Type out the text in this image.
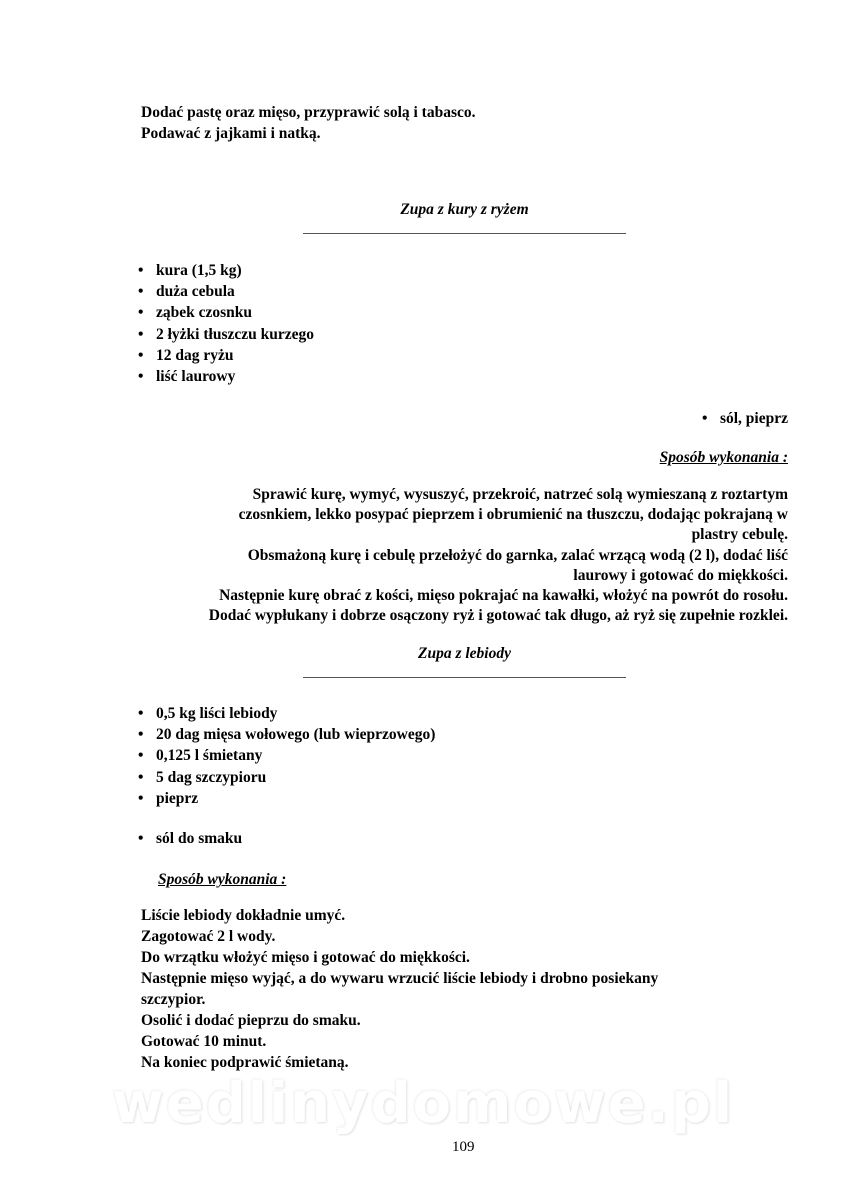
Dodać pastę oraz mięso, przyprawić solą i tabasco.
Podawać z jajkami i natką.
Zupa z kury z ryżem
• kura (1,5 kg)
• duża cebula
• ząbek czosnku
• 2 łyżki tłuszczu kurzego
• 12 dag ryżu
• liść laurowy
• sól, pieprz
Sposób wykonania :
Sprawić kurę, wymyć, wysuszyć, przekroić, natrzeć solą wymieszaną z roztartym
czosnkiem, lekko posypać pieprzem i obrumienić na tłuszczu, dodając pokrajaną w
plastry cebulę.
Obsmażoną kurę i cebulę przełożyć do garnka, zalać wrzącą wodą (2 l), dodać liść
laurowy i gotować do miękkości.
Następnie kurę obrać z kości, mięso pokrajać na kawałki, włożyć na powrót do rosołu.
Dodać wypłukany i dobrze osączony ryż i gotować tak długo, aż ryż się zupełnie rozklei.
Zupa z lebiody
• 0,5 kg liści lebiody
• 20 dag mięsa wołowego (lub wieprzowego)
• 0,125 l śmietany
• 5 dag szczypioru
• pieprz
• sól do smaku
Sposób wykonania :
Liście lebiody dokładnie umyć.
Zagotować 2 l wody.
Do wrzątku włożyć mięso i gotować do miękkości.
Następnie mięso wyjąć, a do wywaru wrzucić liście lebiody i drobno posiekany
szczypior.
Osolić i dodać pieprzu do smaku.
Gotować 10 minut.
Na koniec podprawić śmietaną.
wedlinydomowe.pl
109
